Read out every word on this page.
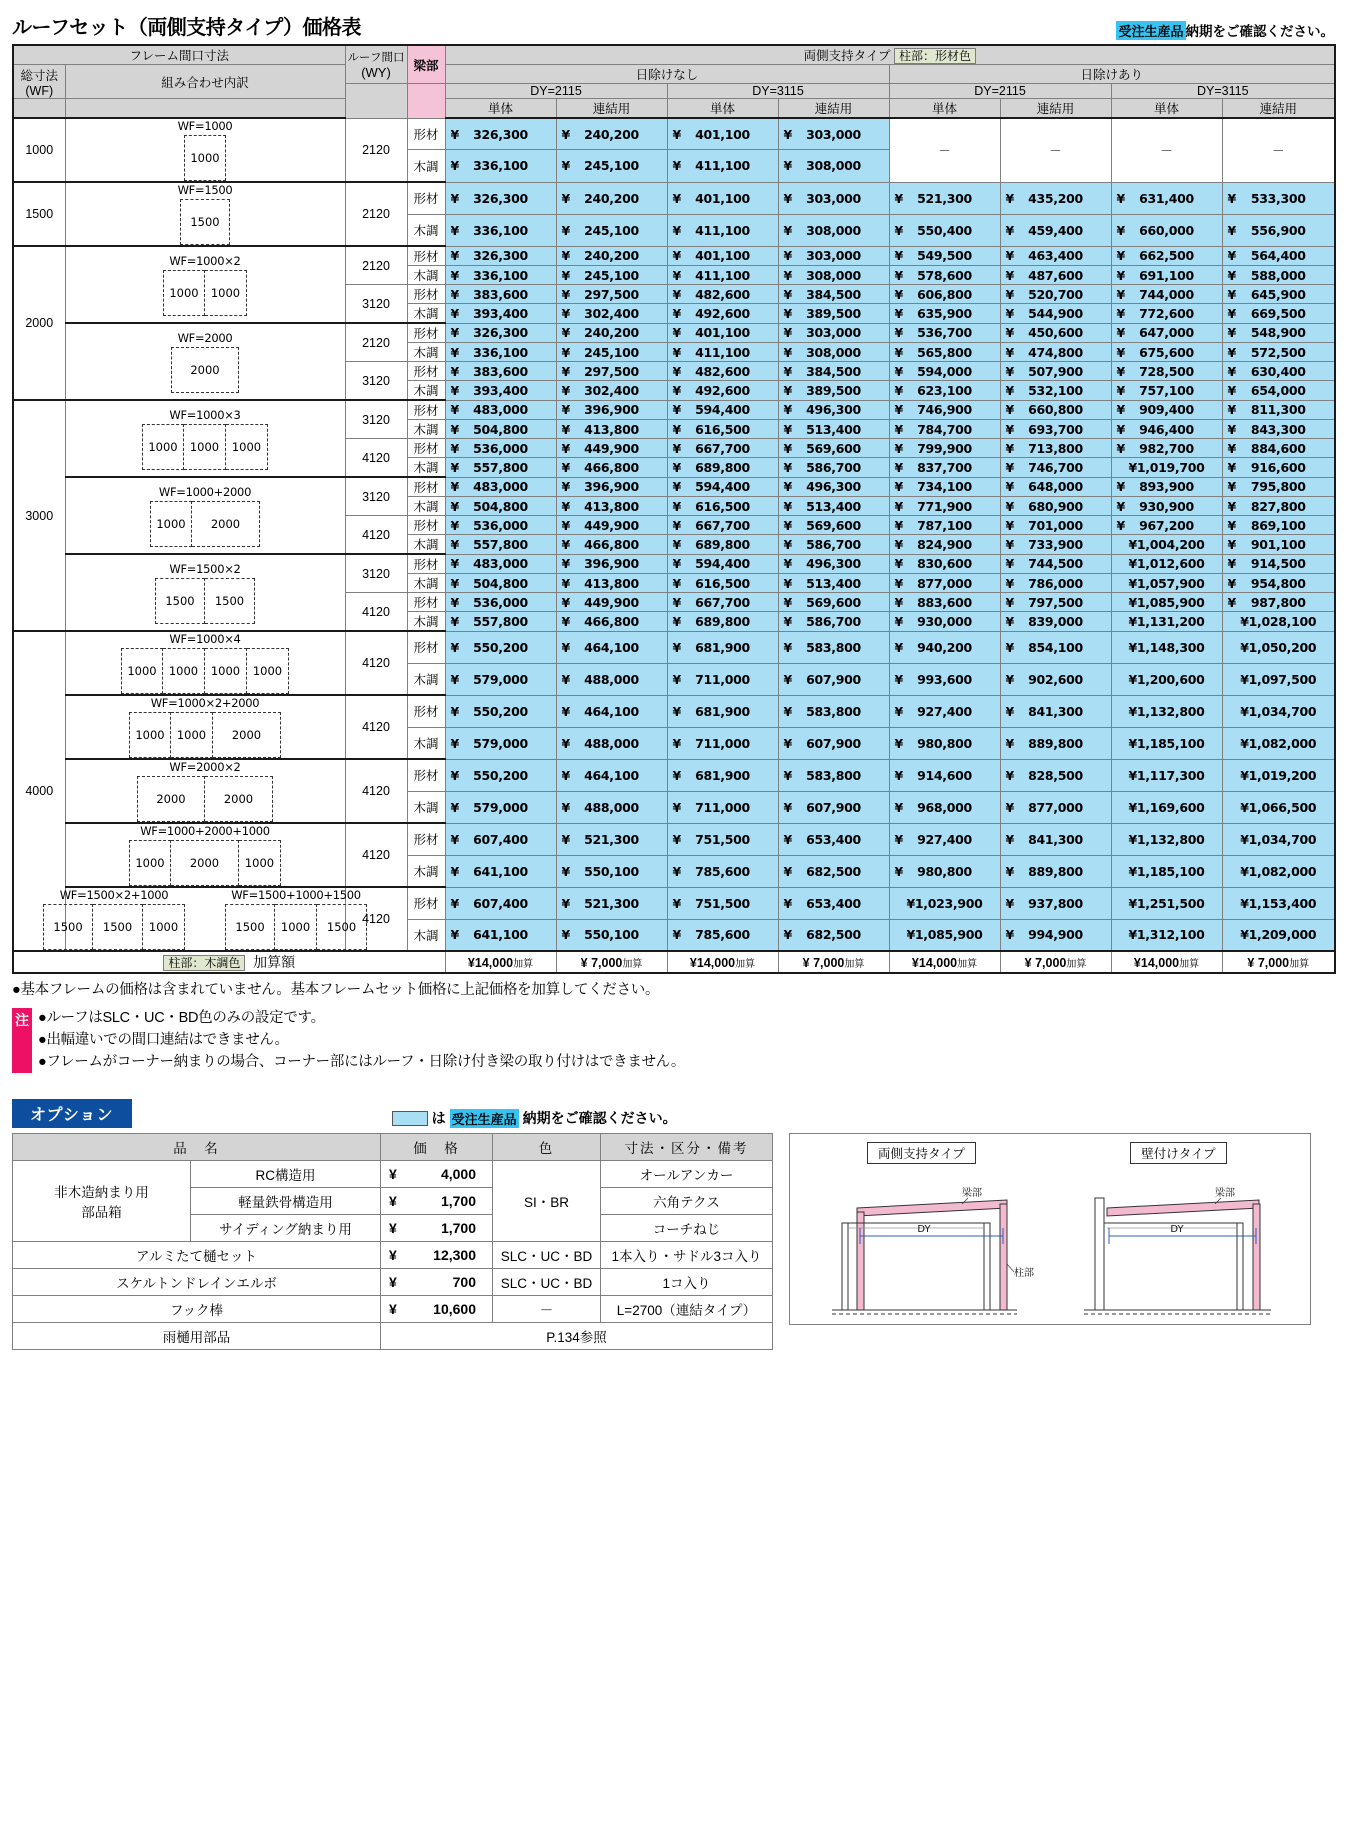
ルーフセット（両側支持タイプ）価格表	受注生産品 納期をご確認ください。
フレーム間口寸法		ルーフ間口
(WY)	梁部	両側支持タイプ 柱部：形材色							

総寸法
(WF)	組み合わせ内訳			日除けなし				日除けあり			
				DY=2115		DY=3115		DY=2115		DY=3115	
				単体	連結用	単体	連結用	単体	連結用	単体	連結用
1000	
WF=1000
1000
	2120	形材	¥ 326,300	¥ 240,200	¥ 401,100	¥ 303,000	－	－	－	－
			木調	¥ 336,100	¥ 245,100	¥ 411,100	¥ 308,000				
1500	
WF=1500
1500
	2120	形材	¥ 326,300	¥ 240,200	¥ 401,100	¥ 303,000	¥ 521,300	¥ 435,200	¥ 631,400	¥ 533,300
			木調	¥ 336,100	¥ 245,100	¥ 411,100	¥ 308,000	¥ 550,400	¥ 459,400	¥ 660,000	¥ 556,900
2000	
WF=1000×2
1000	1000
	2120	形材	¥ 326,300	¥ 240,200	¥ 401,100	¥ 303,000	¥ 549,500	¥ 463,400	¥ 662,500	¥ 564,400
			木調	¥ 336,100	¥ 245,100	¥ 411,100	¥ 308,000	¥ 578,600	¥ 487,600	¥ 691,100	¥ 588,000
		3120	形材	¥ 383,600	¥ 297,500	¥ 482,600	¥ 384,500	¥ 606,800	¥ 520,700	¥ 744,000	¥ 645,900
			木調	¥ 393,400	¥ 302,400	¥ 492,600	¥ 389,500	¥ 635,900	¥ 544,900	¥ 772,600	¥ 669,500

WF=2000
2000
	2120	形材	¥ 326,300	¥ 240,200	¥ 401,100	¥ 303,000	¥ 536,700	¥ 450,600	¥ 647,000	¥ 548,900
			木調	¥ 336,100	¥ 245,100	¥ 411,100	¥ 308,000	¥ 565,800	¥ 474,800	¥ 675,600	¥ 572,500
		3120	形材	¥ 383,600	¥ 297,500	¥ 482,600	¥ 384,500	¥ 594,000	¥ 507,900	¥ 728,500	¥ 630,400
			木調	¥ 393,400	¥ 302,400	¥ 492,600	¥ 389,500	¥ 623,100	¥ 532,100	¥ 757,100	¥ 654,000
3000	
WF=1000×3
1000	1000	1000
	3120	形材	¥ 483,000	¥ 396,900	¥ 594,400	¥ 496,300	¥ 746,900	¥ 660,800	¥ 909,400	¥ 811,300
			木調	¥ 504,800	¥ 413,800	¥ 616,500	¥ 513,400	¥ 784,700	¥ 693,700	¥ 946,400	¥ 843,300
		4120	形材	¥ 536,000	¥ 449,900	¥ 667,700	¥ 569,600	¥ 799,900	¥ 713,800	¥ 982,700	¥ 884,600
			木調	¥ 557,800	¥ 466,800	¥ 689,800	¥ 586,700	¥ 837,700	¥ 746,700	¥1,019,700	¥ 916,600

WF=1000+2000
1000	2000
	3120	形材	¥ 483,000	¥ 396,900	¥ 594,400	¥ 496,300	¥ 734,100	¥ 648,000	¥ 893,900	¥ 795,800
			木調	¥ 504,800	¥ 413,800	¥ 616,500	¥ 513,400	¥ 771,900	¥ 680,900	¥ 930,900	¥ 827,800
		4120	形材	¥ 536,000	¥ 449,900	¥ 667,700	¥ 569,600	¥ 787,100	¥ 701,000	¥ 967,200	¥ 869,100
			木調	¥ 557,800	¥ 466,800	¥ 689,800	¥ 586,700	¥ 824,900	¥ 733,900	¥1,004,200	¥ 901,100

WF=1500×2
1500	1500
	3120	形材	¥ 483,000	¥ 396,900	¥ 594,400	¥ 496,300	¥ 830,600	¥ 744,500	¥1,012,600	¥ 914,500
			木調	¥ 504,800	¥ 413,800	¥ 616,500	¥ 513,400	¥ 877,000	¥ 786,000	¥1,057,900	¥ 954,800
		4120	形材	¥ 536,000	¥ 449,900	¥ 667,700	¥ 569,600	¥ 883,600	¥ 797,500	¥1,085,900	¥ 987,800
			木調	¥ 557,800	¥ 466,800	¥ 689,800	¥ 586,700	¥ 930,000	¥ 839,000	¥1,131,200	¥1,028,100
4000	
WF=1000×4
1000	1000	1000	1000
	4120	形材	¥ 550,200	¥ 464,100	¥ 681,900	¥ 583,800	¥ 940,200	¥ 854,100	¥1,148,300	¥1,050,200
			木調	¥ 579,000	¥ 488,000	¥ 711,000	¥ 607,900	¥ 993,600	¥ 902,600	¥1,200,600	¥1,097,500

WF=1000×2+2000
1000	1000	2000
	4120	形材	¥ 550,200	¥ 464,100	¥ 681,900	¥ 583,800	¥ 927,400	¥ 841,300	¥1,132,800	¥1,034,700
			木調	¥ 579,000	¥ 488,000	¥ 711,000	¥ 607,900	¥ 980,800	¥ 889,800	¥1,185,100	¥1,082,000

WF=2000×2
2000	2000
	4120	形材	¥ 550,200	¥ 464,100	¥ 681,900	¥ 583,800	¥ 914,600	¥ 828,500	¥1,117,300	¥1,019,200
			木調	¥ 579,000	¥ 488,000	¥ 711,000	¥ 607,900	¥ 968,000	¥ 877,000	¥1,169,600	¥1,066,500

WF=1000+2000+1000
1000	2000	1000
	4120	形材	¥ 607,400	¥ 521,300	¥ 751,500	¥ 653,400	¥ 927,400	¥ 841,300	¥1,132,800	¥1,034,700
			木調	¥ 641,100	¥ 550,100	¥ 785,600	¥ 682,500	¥ 980,800	¥ 889,800	¥1,185,100	¥1,082,000

WF=1500×2+1000
1500	1500	1000
WF=1500+1000+1500
1500	1000	1500
	4120	形材	¥ 607,400	¥ 521,300	¥ 751,500	¥ 653,400	¥1,023,900	¥ 937,800	¥1,251,500	¥1,153,400
			木調	¥ 641,100	¥ 550,100	¥ 785,600	¥ 682,500	¥1,085,900	¥ 994,900	¥1,312,100	¥1,209,000
柱部：木調色 加算額				¥14,000加算	¥ 7,000加算	¥14,000加算	¥ 7,000加算	¥14,000加算	¥ 7,000加算	¥14,000加算	¥ 7,000加算
●基本フレームの価格は含まれていません。基本フレームセット価格に上記価格を加算してください。
注 ●ルーフはSLC・UC・BD色のみの設定です。
●出幅違いでの間口連結はできません。
●フレームがコーナー納まりの場合、コーナー部にはルーフ・日除け付き梁の取り付けはできません。
オプション	は 受注生産品 納期をご確認ください。
品　名		価　格	色	寸法・区分・備考
非木造納まり用
部品箱	RC構造用	¥ 4,000	SI・BR	オールアンカー
	軽量鉄骨構造用	¥ 1,700		六角テクス
	サイディング納まり用	¥ 1,700		コーチねじ
アルミたて樋セット		¥ 12,300	SLC・UC・BD	1本入り・サドル3コ入り
スケルトンドレインエルボ		¥ 700	SLC・UC・BD	1コ入り
フック棒		¥ 10,600	－	L=2700（連結タイプ）
雨樋用部品		P.134参照		
両側支持タイプ
DY
梁部
柱部
壁付けタイプ
DY
梁部
